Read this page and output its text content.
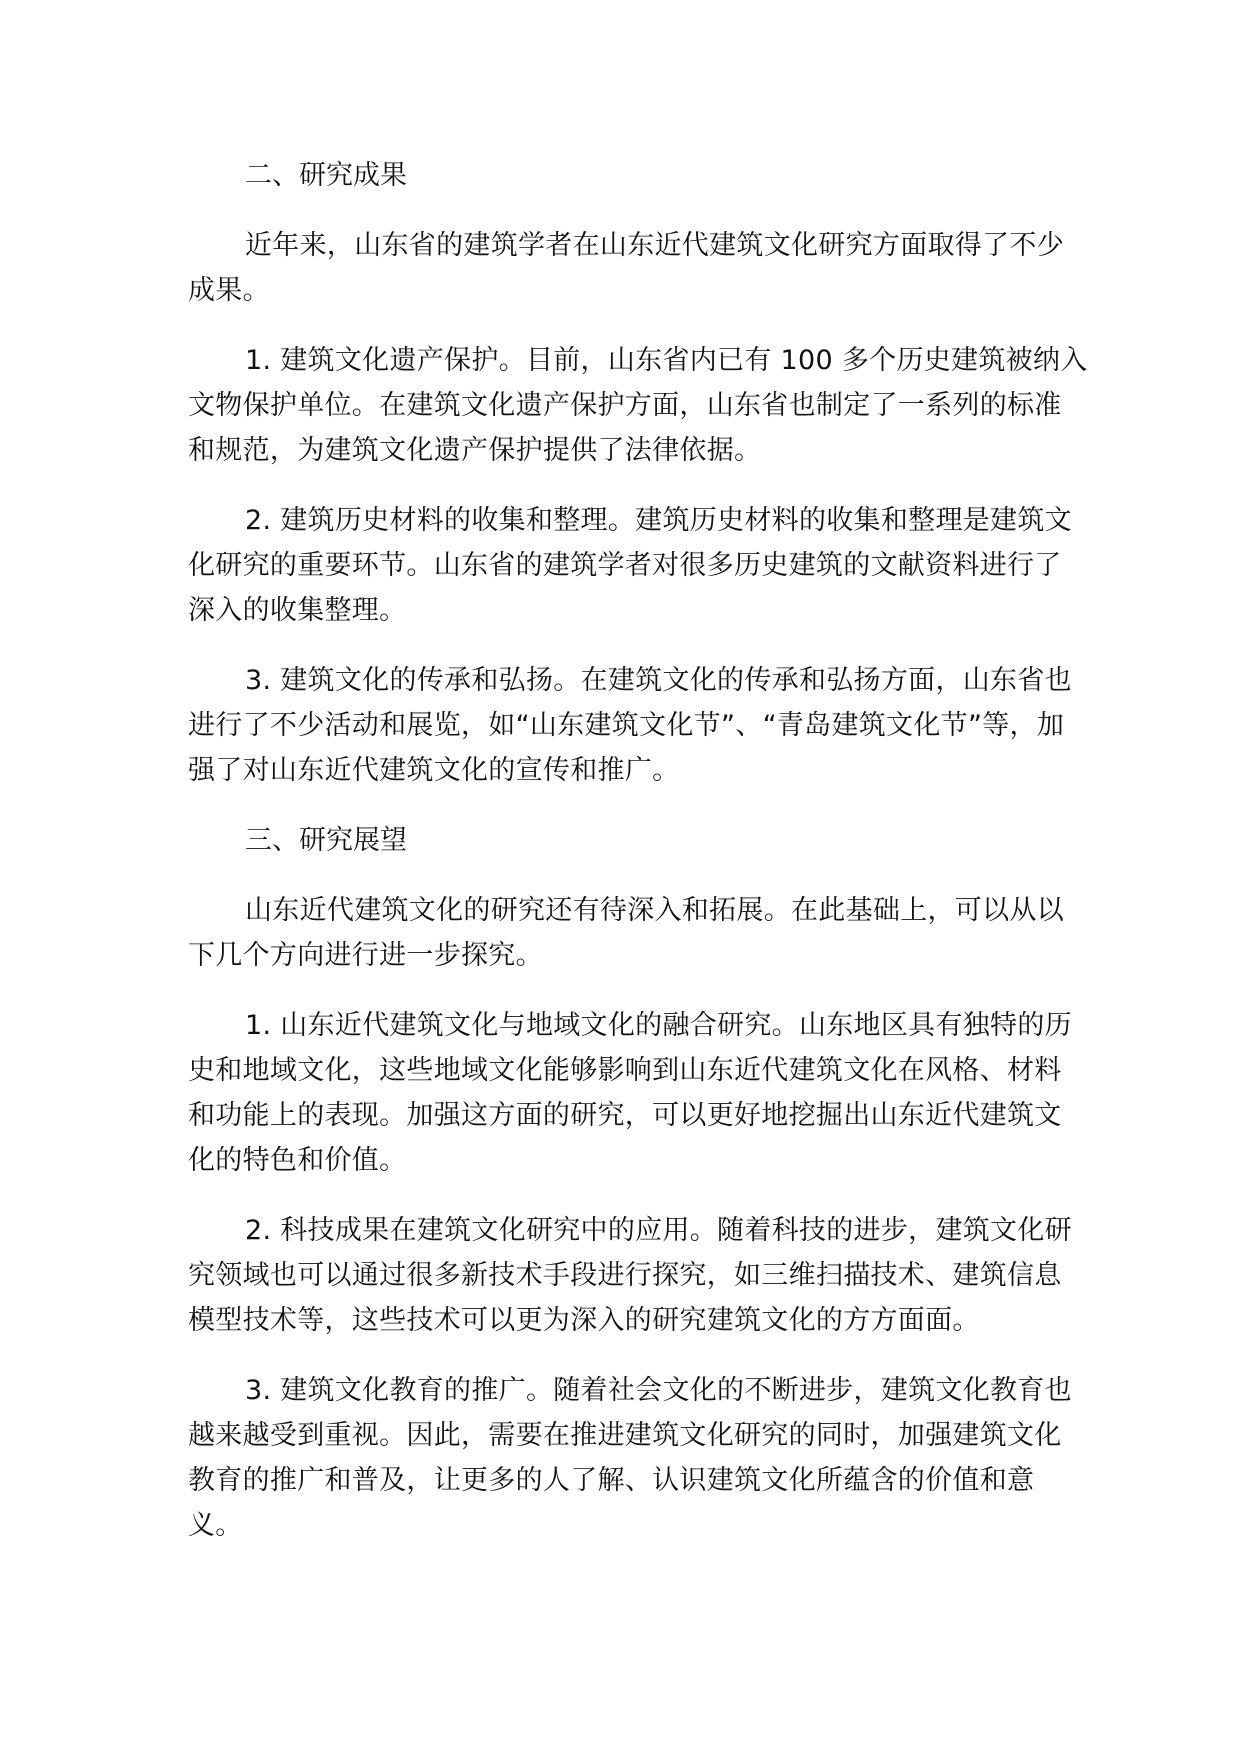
二、研究成果

近年来，山东省的建筑学者在山东近代建筑文化研究方面取得了不少成果。

1. 建筑文化遗产保护。目前，山东省内已有 100 多个历史建筑被纳入文物保护单位。在建筑文化遗产保护方面，山东省也制定了一系列的标准和规范，为建筑文化遗产保护提供了法律依据。

2. 建筑历史材料的收集和整理。建筑历史材料的收集和整理是建筑文化研究的重要环节。山东省的建筑学者对很多历史建筑的文献资料进行了深入的收集整理。

3. 建筑文化的传承和弘扬。在建筑文化的传承和弘扬方面，山东省也进行了不少活动和展览，如“山东建筑文化节”、“青岛建筑文化节”等，加强了对山东近代建筑文化的宣传和推广。

三、研究展望

山东近代建筑文化的研究还有待深入和拓展。在此基础上，可以从以下几个方向进行进一步探究。

1. 山东近代建筑文化与地域文化的融合研究。山东地区具有独特的历史和地域文化，这些地域文化能够影响到山东近代建筑文化在风格、材料和功能上的表现。加强这方面的研究，可以更好地挖掘出山东近代建筑文化的特色和价值。

2. 科技成果在建筑文化研究中的应用。随着科技的进步，建筑文化研究领域也可以通过很多新技术手段进行探究，如三维扫描技术、建筑信息模型技术等，这些技术可以更为深入的研究建筑文化的方方面面。

3. 建筑文化教育的推广。随着社会文化的不断进步，建筑文化教育也越来越受到重视。因此，需要在推进建筑文化研究的同时，加强建筑文化教育的推广和普及，让更多的人了解、认识建筑文化所蕴含的价值和意义。
